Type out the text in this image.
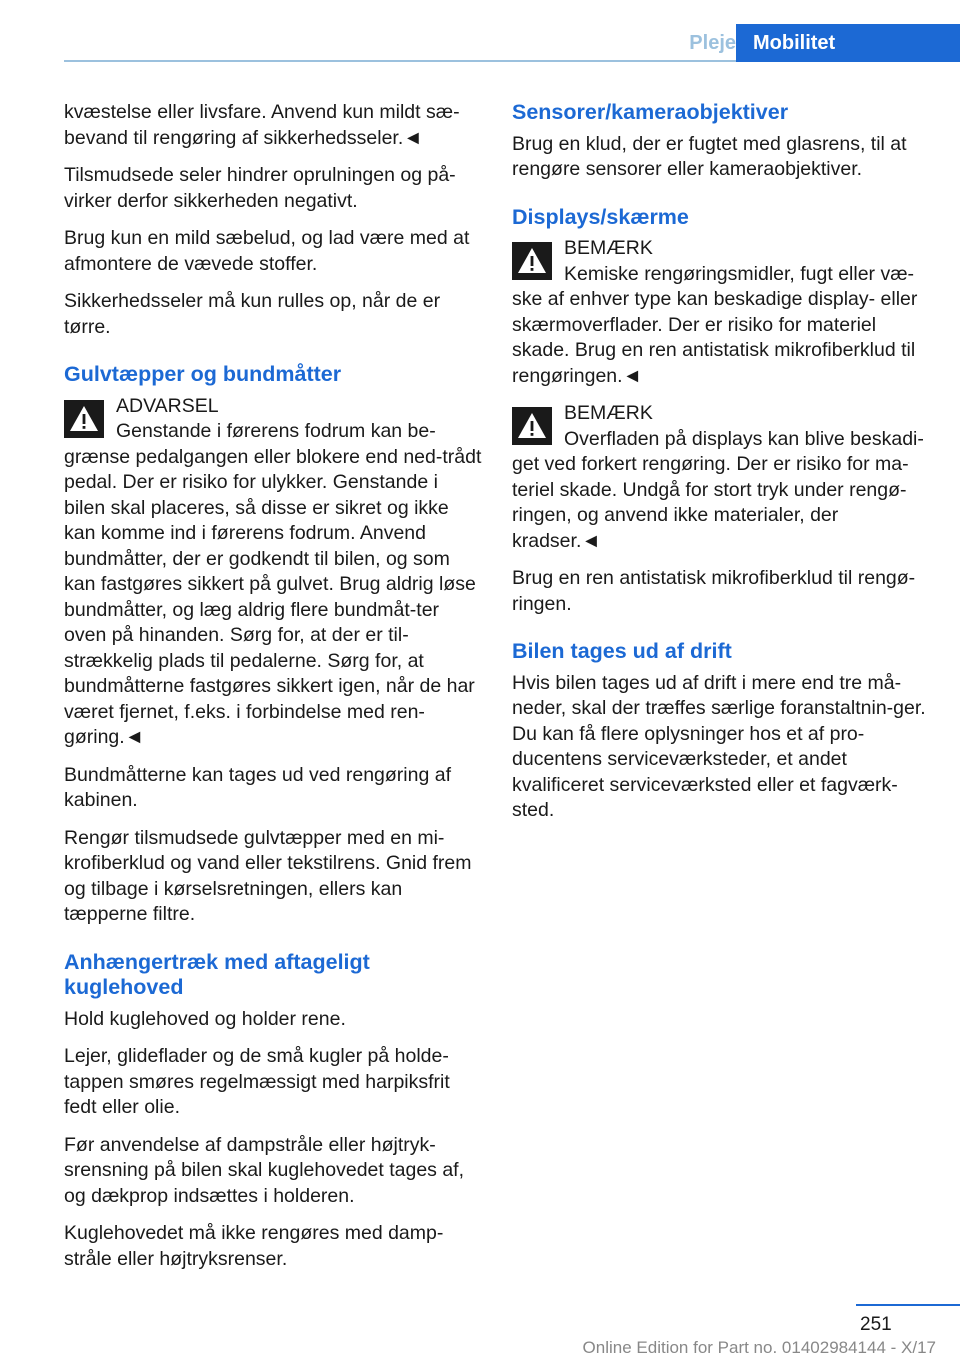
Pleje Mobilitet

kvæstelse eller livsfare. Anvend kun mildt sæ-bevand til rengøring af sikkerhedsseler.◄

Tilsmudsede seler hindrer oprulningen og på-virker derfor sikkerheden negativt.

Brug kun en mild sæbelud, og lad være med at afmontere de vævede stoffer.

Sikkerhedsseler må kun rulles op, når de er tørre.

Gulvtæpper og bundmåtter
ADVARSEL
Genstande i førerens fodrum kan be-grænse pedalgangen eller blokere end ned-trådt pedal. Der er risiko for ulykker. Genstande i bilen skal placeres, så disse er sikret og ikke kan komme ind i førerens fodrum. Anvend bundmåtter, der er godkendt til bilen, og som kan fastgøres sikkert på gulvet. Brug aldrig løse bundmåtter, og læg aldrig flere bundmåt-ter oven på hinanden. Sørg for, at der er til-strækkelig plads til pedalerne. Sørg for, at bundmåtterne fastgøres sikkert igen, når de har været fjernet, f.eks. i forbindelse med ren-gøring.◄

Bundmåtterne kan tages ud ved rengøring af kabinen.

Rengør tilsmudsede gulvtæpper med en mi-krofiberklud og vand eller tekstilrens. Gnid frem og tilbage i kørselsretningen, ellers kan tæpperne filtre.

Anhængertræk med aftageligt kuglehoved

Hold kuglehoved og holder rene.

Lejer, glideflader og de små kugler på holde-tappen smøres regelmæssigt med harpiksfrit fedt eller olie.

Før anvendelse af dampstråle eller højtryk-srensning på bilen skal kuglehovedet tages af, og dækprop indsættes i holderen.

Kuglehovedet må ikke rengøres med damp-stråle eller højtryksrenser.

Sensorer/kameraobjektiver

Brug en klud, der er fugtet med glasrens, til at rengøre sensorer eller kameraobjektiver.

Displays/skærme
BEMÆRK
Kemiske rengøringsmidler, fugt eller væ-ske af enhver type kan beskadige display- eller skærmoverflader. Der er risiko for materiel skade. Brug en ren antistatisk mikrofiberklud til rengøringen.◄
BEMÆRK
Overfladen på displays kan blive beskadi-get ved forkert rengøring. Der er risiko for ma-teriel skade. Undgå for stort tryk under rengø-ringen, og anvend ikke materialer, der kradser.◄

Brug en ren antistatisk mikrofiberklud til rengø-ringen.

Bilen tages ud af drift

Hvis bilen tages ud af drift i mere end tre må-neder, skal der træffes særlige foranstaltnin-ger. Du kan få flere oplysninger hos et af pro-ducentens serviceværksteder, et andet kvalificeret serviceværksted eller et fagværk-sted.

251
Online Edition for Part no. 01402984144 - X/17
